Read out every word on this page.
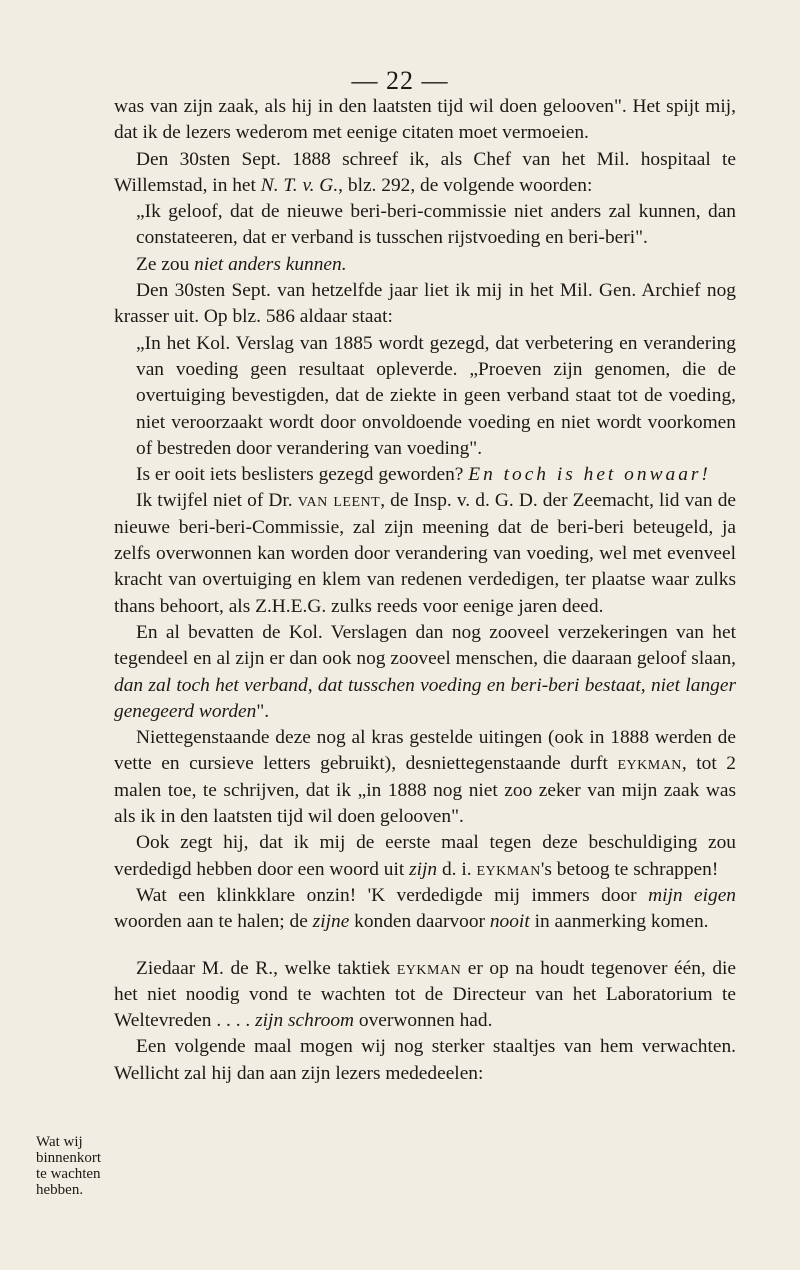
— 22 —

was van zijn zaak, als hij in den laatsten tijd wil doen gelooven". Het spijt mij, dat ik de lezers wederom met eenige citaten moet vermoeien.

Den 30sten Sept. 1888 schreef ik, als Chef van het Mil. hospitaal te Willemstad, in het N. T. v. G., blz. 292, de volgende woorden:

„Ik geloof, dat de nieuwe beri-beri-commissie niet anders zal kunnen, dan constateeren, dat er verband is tusschen rijstvoeding en beri-beri".

Ze zou niet anders kunnen.

Den 30sten Sept. van hetzelfde jaar liet ik mij in het Mil. Gen. Archief nog krasser uit. Op blz. 586 aldaar staat:

„In het Kol. Verslag van 1885 wordt gezegd, dat verbetering en verandering van voeding geen resultaat opleverde. „Proeven zijn genomen, die de overtuiging bevestigden, dat de ziekte in geen verband staat tot de voeding, niet veroorzaakt wordt door onvoldoende voeding en niet wordt voorkomen of bestreden door verandering van voeding".

Is er ooit iets beslisters gezegd geworden? En toch is het onwaar!

Ik twijfel niet of Dr. van leent, de Insp. v. d. G. D. der Zeemacht, lid van de nieuwe beri-beri-Commissie, zal zijn meening dat de beri-beri beteugeld, ja zelfs overwonnen kan worden door verandering van voeding, wel met evenveel kracht van overtuiging en klem van redenen verdedigen, ter plaatse waar zulks thans behoort, als Z.H.E.G. zulks reeds voor eenige jaren deed.

En al bevatten de Kol. Verslagen dan nog zooveel verzekeringen van het tegendeel en al zijn er dan ook nog zooveel menschen, die daaraan geloof slaan, dan zal toch het verband, dat tusschen voeding en beri-beri bestaat, niet langer genegeerd worden".

Niettegenstaande deze nog al kras gestelde uitingen (ook in 1888 werden de vette en cursieve letters gebruikt), desniettegenstaande durft eykman, tot 2 malen toe, te schrijven, dat ik „in 1888 nog niet zoo zeker van mijn zaak was als ik in den laatsten tijd wil doen gelooven".

Ook zegt hij, dat ik mij de eerste maal tegen deze beschuldiging zou verdedigd hebben door een woord uit zijn d. i. eykman's betoog te schrappen!

Wat een klinkklare onzin! 'K verdedigde mij immers door mijn eigen woorden aan te halen; de zijne konden daarvoor nooit in aanmerking komen.

Ziedaar M. de R., welke taktiek eykman er op na houdt tegenover één, die het niet noodig vond te wachten tot de Directeur van het Laboratorium te Weltevreden . . . . zijn schroom overwonnen had.

Een volgende maal mogen wij nog sterker staaltjes van hem verwachten. Wellicht zal hij dan aan zijn lezers mededeelen:

Wat wij
binnenkort
te wachten
hebben.
